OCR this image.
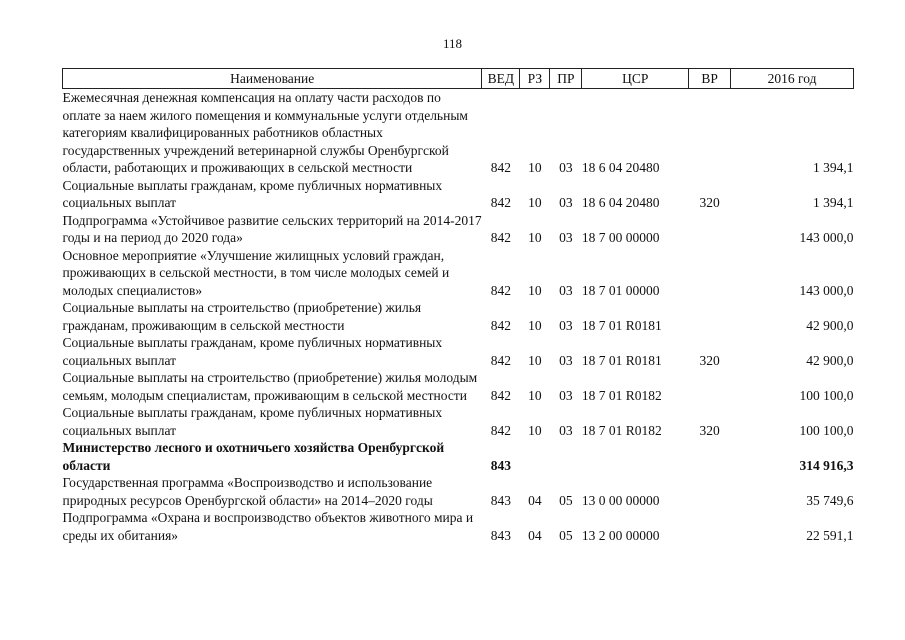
118
Наименование	ВЕД	РЗ	ПР	ЦСР	ВР	2016 год
Ежемесячная денежная компенсация на оплату части расходов по оплате за наем жилого помещения и коммунальные услуги отдельным категориям квалифицированных работников областных государственных учреждений ветеринарной службы Оренбургской области, работающих и проживающих в сельской местности	842	10	03	18 6 04 20480		1 394,1
Социальные выплаты гражданам, кроме публичных нормативных социальных выплат	842	10	03	18 6 04 20480	320	1 394,1
Подпрограмма «Устойчивое развитие сельских территорий на 2014-2017 годы и на период до 2020 года»	842	10	03	18 7 00 00000		143 000,0
Основное мероприятие «Улучшение жилищных условий граждан, проживающих в сельской местности, в том числе молодых семей и молодых специалистов»	842	10	03	18 7 01 00000		143 000,0
Социальные выплаты на строительство (приобретение) жилья гражданам, проживающим в сельской местности	842	10	03	18 7 01 R0181		42 900,0
Социальные выплаты гражданам, кроме публичных нормативных социальных выплат	842	10	03	18 7 01 R0181	320	42 900,0
Социальные выплаты на строительство (приобретение) жилья молодым семьям, молодым специалистам, проживающим в сельской местности	842	10	03	18 7 01 R0182		100 100,0
Социальные выплаты гражданам, кроме публичных нормативных социальных выплат	842	10	03	18 7 01 R0182	320	100 100,0
Министерство лесного и охотничьего хозяйства Оренбургской области	843					314 916,3
Государственная программа «Воспроизводство и использование природных ресурсов Оренбургской области» на 2014–2020 годы	843	04	05	13 0 00 00000		35 749,6
Подпрограмма «Охрана и воспроизводство объектов животного мира и среды их обитания»	843	04	05	13 2 00 00000		22 591,1
